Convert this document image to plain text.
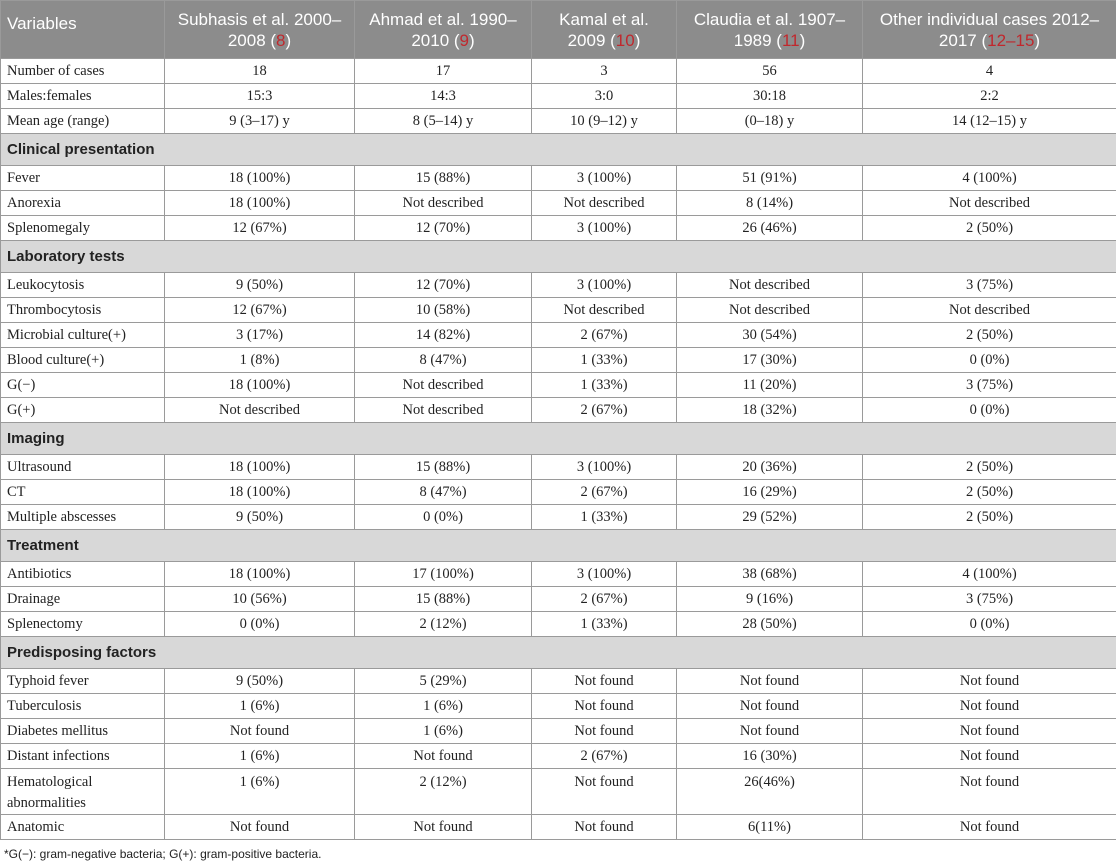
Variables	Subhasis et al. 2000–2008 (8)	Ahmad et al. 1990–2010 (9)	Kamal et al. 2009 (10)	Claudia et al. 1907–1989 (11)	Other individual cases 2012–2017 (12–15)
Number of cases	18	17	3	56	4
Males:females	15:3	14:3	3:0	30:18	2:2
Mean age (range)	9 (3–17) y	8 (5–14) y	10 (9–12) y	(0–18) y	14 (12–15) y
Clinical presentation					
Fever	18 (100%)	15 (88%)	3 (100%)	51 (91%)	4 (100%)
Anorexia	18 (100%)	Not described	Not described	8 (14%)	Not described
Splenomegaly	12 (67%)	12 (70%)	3 (100%)	26 (46%)	2 (50%)
Laboratory tests					
Leukocytosis	9 (50%)	12 (70%)	3 (100%)	Not described	3 (75%)
Thrombocytosis	12 (67%)	10 (58%)	Not described	Not described	Not described
Microbial culture(+)	3 (17%)	14 (82%)	2 (67%)	30 (54%)	2 (50%)
Blood culture(+)	1 (8%)	8 (47%)	1 (33%)	17 (30%)	0 (0%)
G(−)	18 (100%)	Not described	1 (33%)	11 (20%)	3 (75%)
G(+)	Not described	Not described	2 (67%)	18 (32%)	0 (0%)
Imaging					
Ultrasound	18 (100%)	15 (88%)	3 (100%)	20 (36%)	2 (50%)
CT	18 (100%)	8 (47%)	2 (67%)	16 (29%)	2 (50%)
Multiple abscesses	9 (50%)	0 (0%)	1 (33%)	29 (52%)	2 (50%)
Treatment					
Antibiotics	18 (100%)	17 (100%)	3 (100%)	38 (68%)	4 (100%)
Drainage	10 (56%)	15 (88%)	2 (67%)	9 (16%)	3 (75%)
Splenectomy	0 (0%)	2 (12%)	1 (33%)	28 (50%)	0 (0%)
Predisposing factors					
Typhoid fever	9 (50%)	5 (29%)	Not found	Not found	Not found
Tuberculosis	1 (6%)	1 (6%)	Not found	Not found	Not found
Diabetes mellitus	Not found	1 (6%)	Not found	Not found	Not found
Distant infections	1 (6%)	Not found	2 (67%)	16 (30%)	Not found
Hematological abnormalities	1 (6%)	2 (12%)	Not found	26(46%)	Not found
Anatomic	Not found	Not found	Not found	6(11%)	Not found
*G(−): gram-negative bacteria; G(+): gram-positive bacteria.
